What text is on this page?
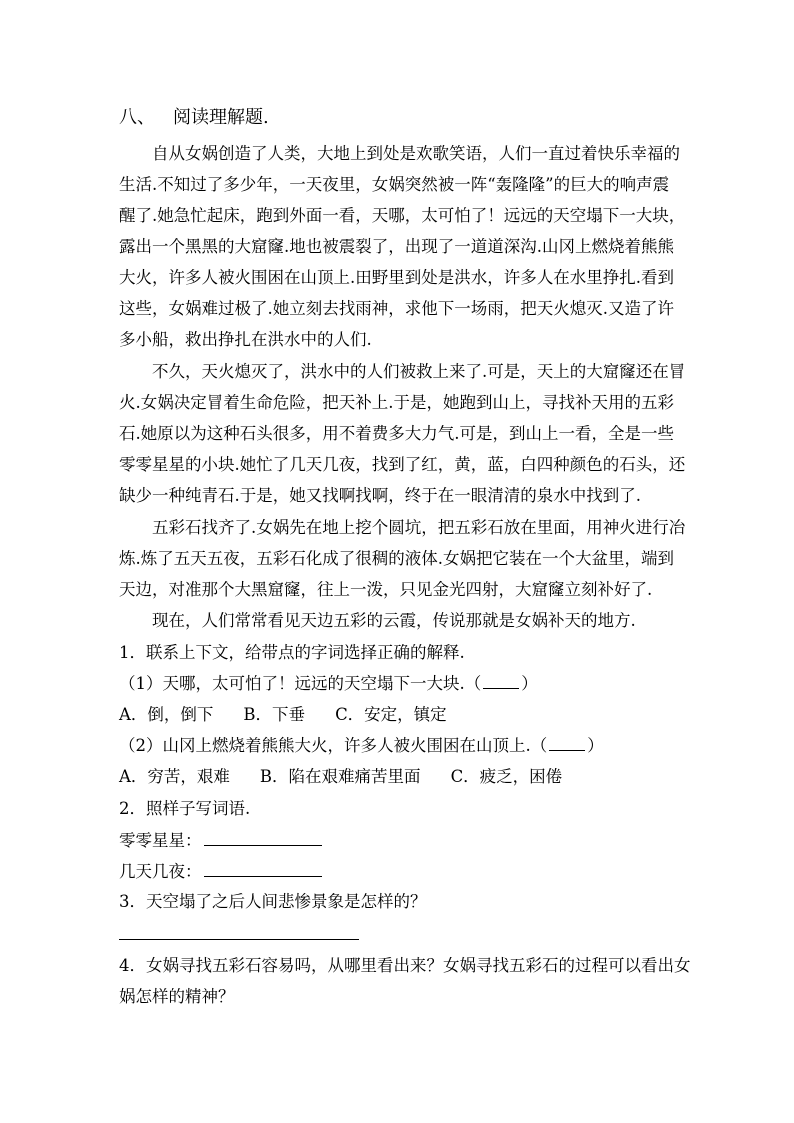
八、 阅读理解题.
自从女娲创造了人类，大地上到处是欢歌笑语，人们一直过着快乐幸福的
生活.不知过了多少年，一天夜里，女娲突然被一阵“轰隆隆”的巨大的响声震
醒了.她急忙起床，跑到外面一看，天哪，太可怕了！远远的天空塌下一大块，
露出一个黑黑的大窟窿.地也被震裂了，出现了一道道深沟.山冈上燃烧着熊熊
大火，许多人被火围困在山顶上.田野里到处是洪水，许多人在水里挣扎.看到
这些，女娲难过极了.她立刻去找雨神，求他下一场雨，把天火熄灭.又造了许
多小船，救出挣扎在洪水中的人们.
不久，天火熄灭了，洪水中的人们被救上来了.可是，天上的大窟窿还在冒
火.女娲决定冒着生命危险，把天补上.于是，她跑到山上，寻找补天用的五彩
石.她原以为这种石头很多，用不着费多大力气.可是，到山上一看，全是一些
零零星星的小块.她忙了几天几夜，找到了红，黄，蓝，白四种颜色的石头，还
缺少一种纯青石.于是，她又找啊找啊，终于在一眼清清的泉水中找到了.
五彩石找齐了.女娲先在地上挖个圆坑，把五彩石放在里面，用神火进行冶
炼.炼了五天五夜，五彩石化成了很稠的液体.女娲把它装在一个大盆里，端到
天边，对准那个大黑窟窿，往上一泼，只见金光四射，大窟窿立刻补好了.
现在，人们常常看见天边五彩的云霞，传说那就是女娲补天的地方.
1．联系上下文，给带点的字词选择正确的解释.
（1）天哪，太可怕了！远远的天空塌下一大块.（ ）
A．倒，倒下 B．下垂 C．安定，镇定
（2）山冈上燃烧着熊熊大火，许多人被火围困在山顶上.（ ）
A．穷苦，艰难 B．陷在艰难痛苦里面 C．疲乏，困倦
2．照样子写词语.
零零星星：
几天几夜：
3．天空塌了之后人间悲惨景象是怎样的？
4．女娲寻找五彩石容易吗，从哪里看出来？女娲寻找五彩石的过程可以看出女
娲怎样的精神？
